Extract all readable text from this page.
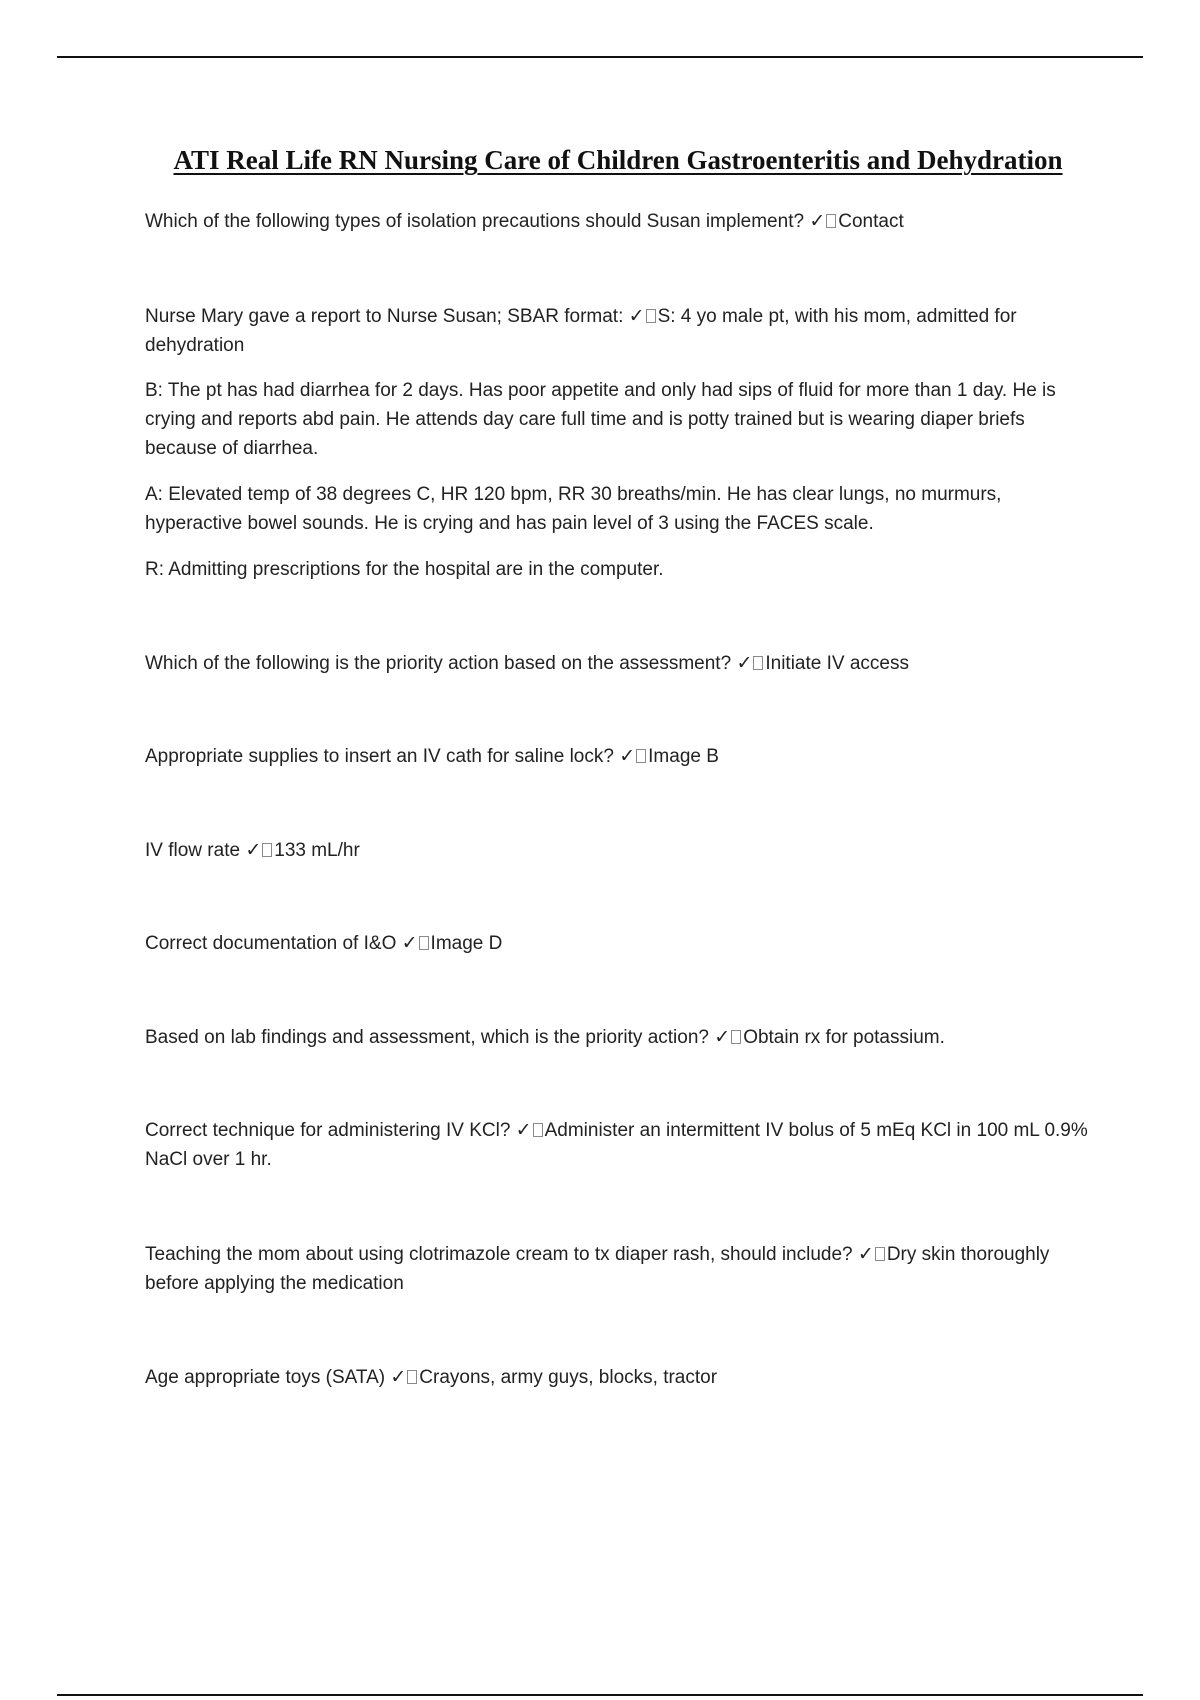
ATI Real Life RN Nursing Care of Children Gastroenteritis and Dehydration

Which of the following types of isolation precautions should Susan implement? ✓ Contact

Nurse Mary gave a report to Nurse Susan; SBAR format: ✓ S: 4 yo male pt, with his mom, admitted for dehydration

B: The pt has had diarrhea for 2 days. Has poor appetite and only had sips of fluid for more than 1 day. He is crying and reports abd pain. He attends day care full time and is potty trained but is wearing diaper briefs because of diarrhea.

A: Elevated temp of 38 degrees C, HR 120 bpm, RR 30 breaths/min. He has clear lungs, no murmurs, hyperactive bowel sounds. He is crying and has pain level of 3 using the FACES scale.

R: Admitting prescriptions for the hospital are in the computer.

Which of the following is the priority action based on the assessment? ✓ Initiate IV access

Appropriate supplies to insert an IV cath for saline lock? ✓ Image B

IV flow rate ✓ 133 mL/hr

Correct documentation of I&O ✓ Image D

Based on lab findings and assessment, which is the priority action? ✓ Obtain rx for potassium.

Correct technique for administering IV KCl? ✓ Administer an intermittent IV bolus of 5 mEq KCl in 100 mL 0.9% NaCl over 1 hr.

Teaching the mom about using clotrimazole cream to tx diaper rash, should include? ✓ Dry skin thoroughly before applying the medication

Age appropriate toys (SATA) ✓ Crayons, army guys, blocks, tractor
